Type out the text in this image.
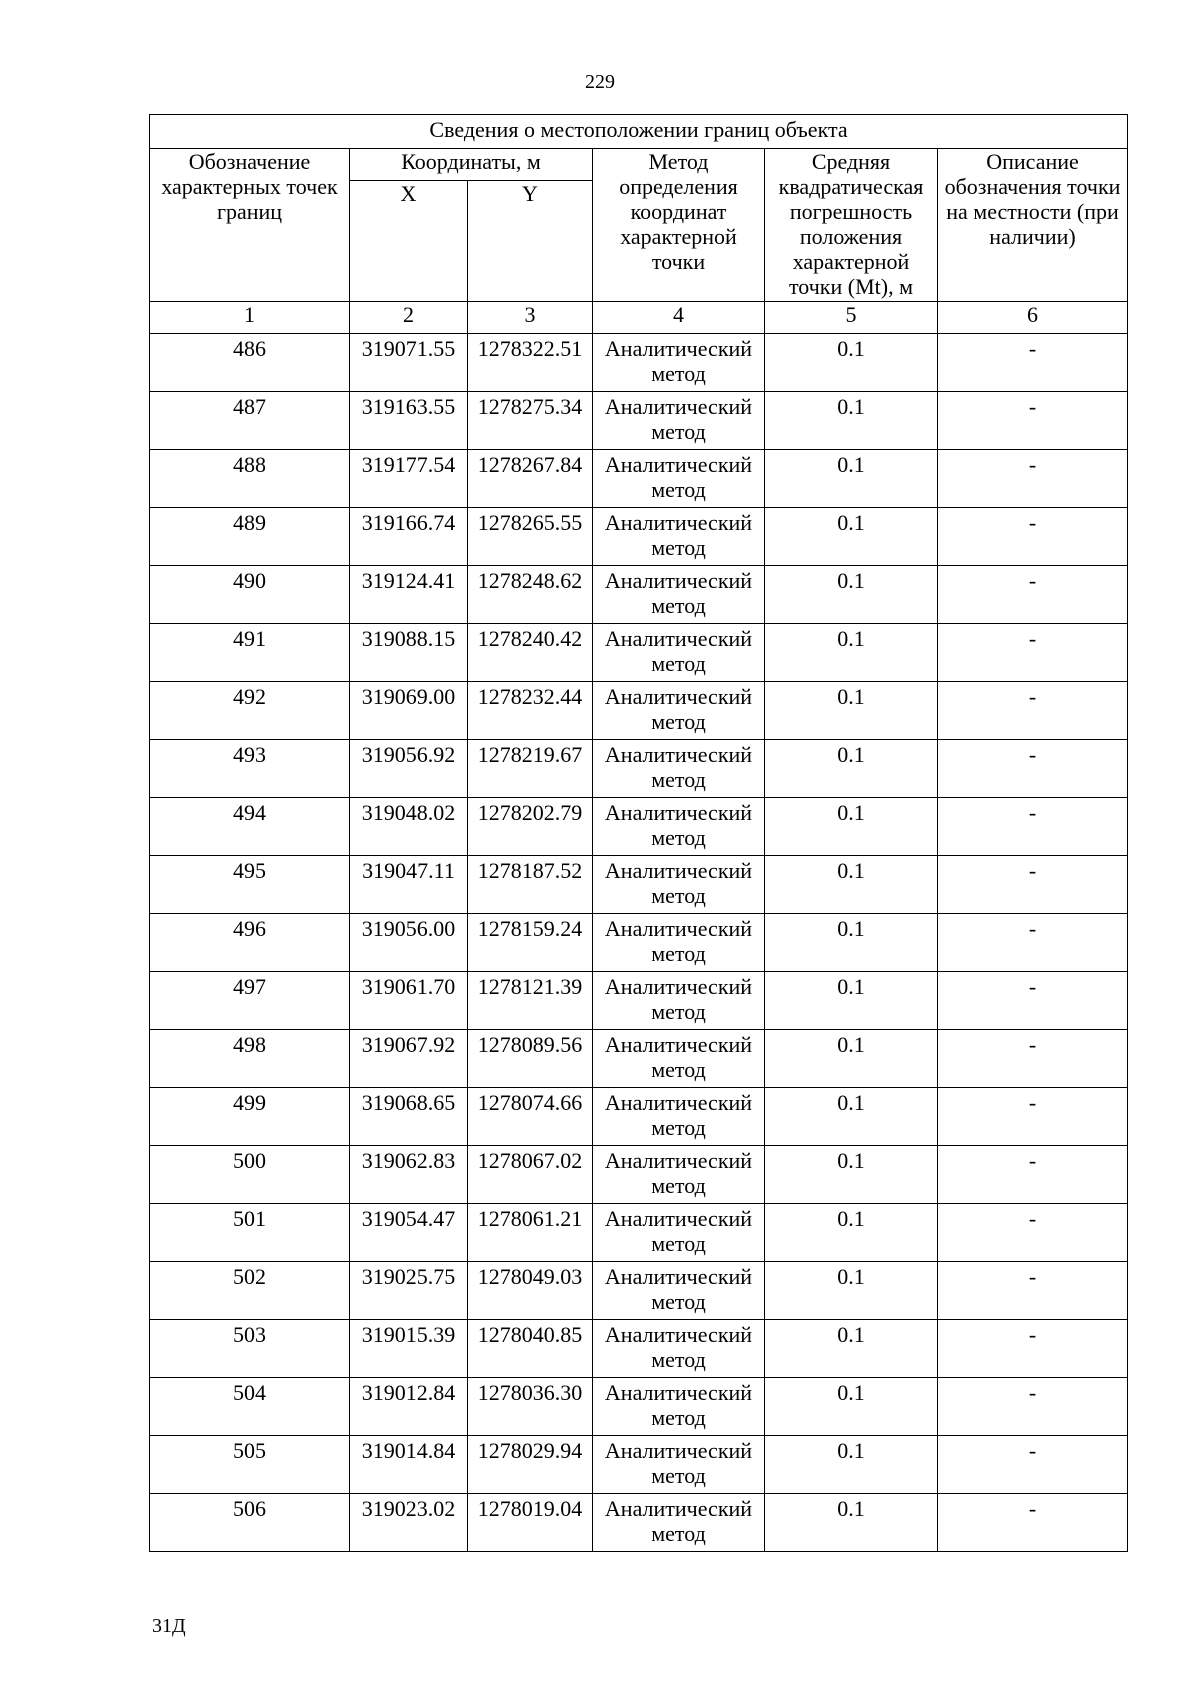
229
Сведения о местоположении границ объекта					
Обозначение характерных точек границ	Координаты, м		Метод определения координат характерной точки	Средняя квадратическая погрешность положения характерной точки (Mt), м	Описание обозначения точки на местности (при наличии)
	X	Y			
1	2	3	4	5	6
486	319071.55	1278322.51	Аналитический метод	0.1	-
487	319163.55	1278275.34	Аналитический метод	0.1	-
488	319177.54	1278267.84	Аналитический метод	0.1	-
489	319166.74	1278265.55	Аналитический метод	0.1	-
490	319124.41	1278248.62	Аналитический метод	0.1	-
491	319088.15	1278240.42	Аналитический метод	0.1	-
492	319069.00	1278232.44	Аналитический метод	0.1	-
493	319056.92	1278219.67	Аналитический метод	0.1	-
494	319048.02	1278202.79	Аналитический метод	0.1	-
495	319047.11	1278187.52	Аналитический метод	0.1	-
496	319056.00	1278159.24	Аналитический метод	0.1	-
497	319061.70	1278121.39	Аналитический метод	0.1	-
498	319067.92	1278089.56	Аналитический метод	0.1	-
499	319068.65	1278074.66	Аналитический метод	0.1	-
500	319062.83	1278067.02	Аналитический метод	0.1	-
501	319054.47	1278061.21	Аналитический метод	0.1	-
502	319025.75	1278049.03	Аналитический метод	0.1	-
503	319015.39	1278040.85	Аналитический метод	0.1	-
504	319012.84	1278036.30	Аналитический метод	0.1	-
505	319014.84	1278029.94	Аналитический метод	0.1	-
506	319023.02	1278019.04	Аналитический метод	0.1	-
31Д
